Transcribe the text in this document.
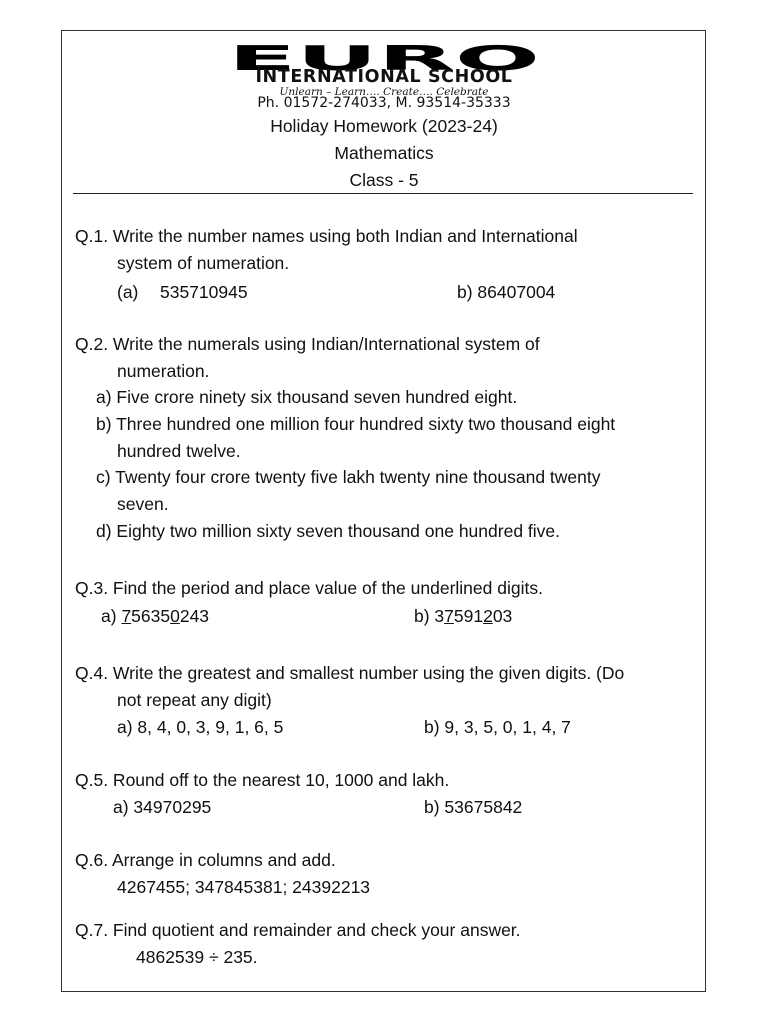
EURO
INTERNATIONAL SCHOOL
Unlearn – Learn…. Create…. Celebrate
Ph. 01572-274033, M. 93514-35333
Holiday Homework (2023-24)
Mathematics
Class - 5
Q.1. Write the number names using both Indian and International
system of numeration.
(a) 535710945	b) 86407004
Q.2. Write the numerals using Indian/International system of
numeration.
a) Five crore ninety six thousand seven hundred eight.
b) Three hundred one million four hundred sixty two thousand eight
hundred twelve.
c) Twenty four crore twenty five lakh twenty nine thousand twenty
seven.
d) Eighty two million sixty seven thousand one hundred five.
Q.3. Find the period and place value of the underlined digits.
a) 756350243	b) 37591203
Q.4. Write the greatest and smallest number using the given digits. (Do
not repeat any digit)
a) 8, 4, 0, 3, 9, 1, 6, 5	b) 9, 3, 5, 0, 1, 4, 7
Q.5. Round off to the nearest 10, 1000 and lakh.
a) 34970295	b) 53675842
Q.6. Arrange in columns and add.
4267455; 347845381; 24392213
Q.7. Find quotient and remainder and check your answer.
4862539 ÷ 235.
